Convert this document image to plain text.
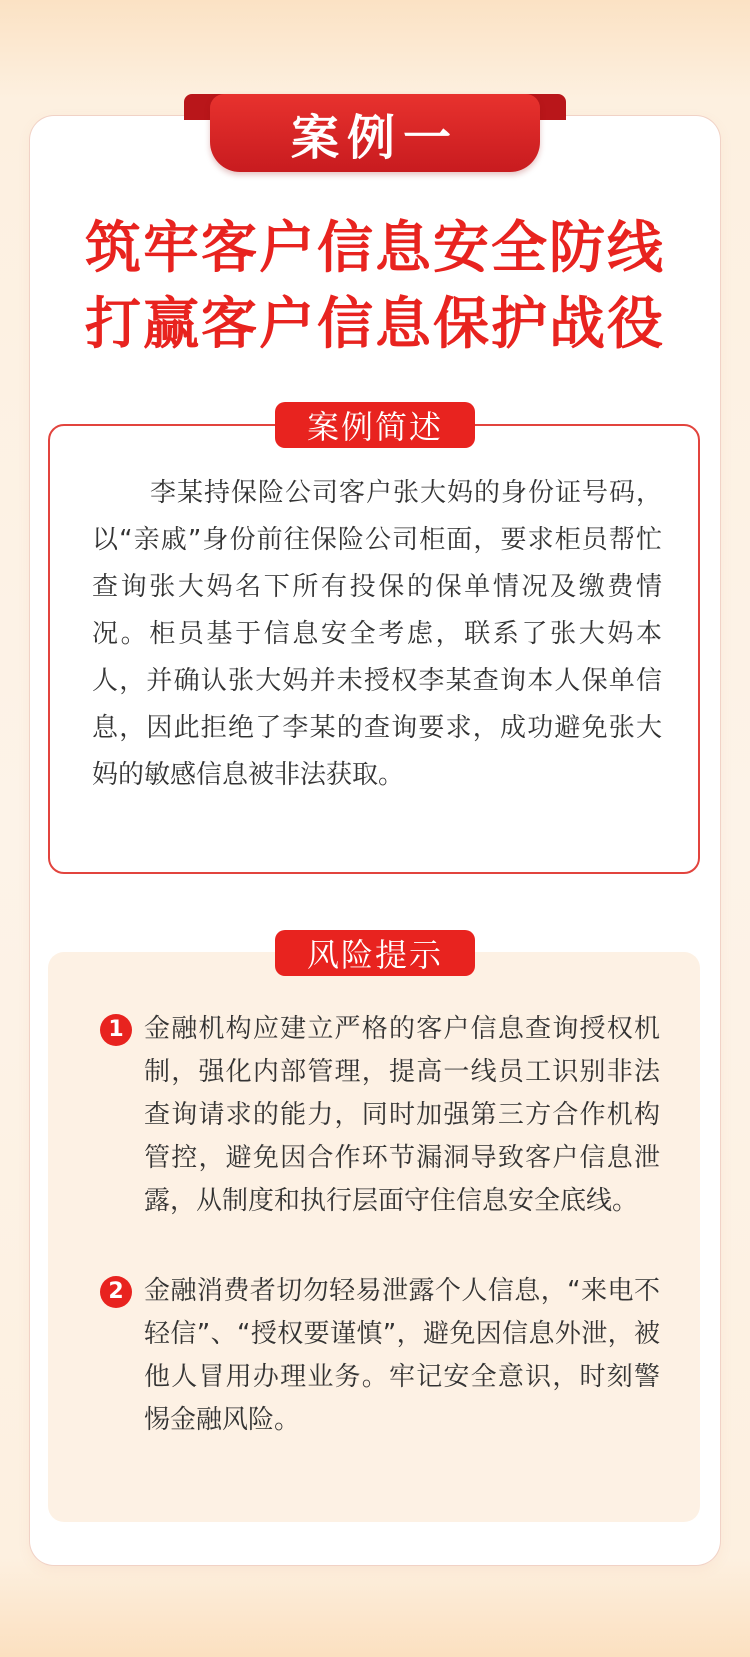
案例一
筑牢客户信息安全防线
打赢客户信息保护战役
案例简述

李某持保险公司客户张大妈的身份证号码，以“亲戚”身份前往保险公司柜面，要求柜员帮忙查询张大妈名下所有投保的保单情况及缴费情况。柜员基于信息安全考虑，联系了张大妈本人，并确认张大妈并未授权李某查询本人保单信息，因此拒绝了李某的查询要求，成功避免张大妈的敏感信息被非法获取。

风险提示
1 金融机构应建立严格的客户信息查询授权机制，强化内部管理，提高一线员工识别非法查询请求的能力，同时加强第三方合作机构管控，避免因合作环节漏洞导致客户信息泄露，从制度和执行层面守住信息安全底线。

2 金融消费者切勿轻易泄露个人信息，“来电不轻信”、“授权要谨慎”，避免因信息外泄，被他人冒用办理业务。牢记安全意识，时刻警惕金融风险。
